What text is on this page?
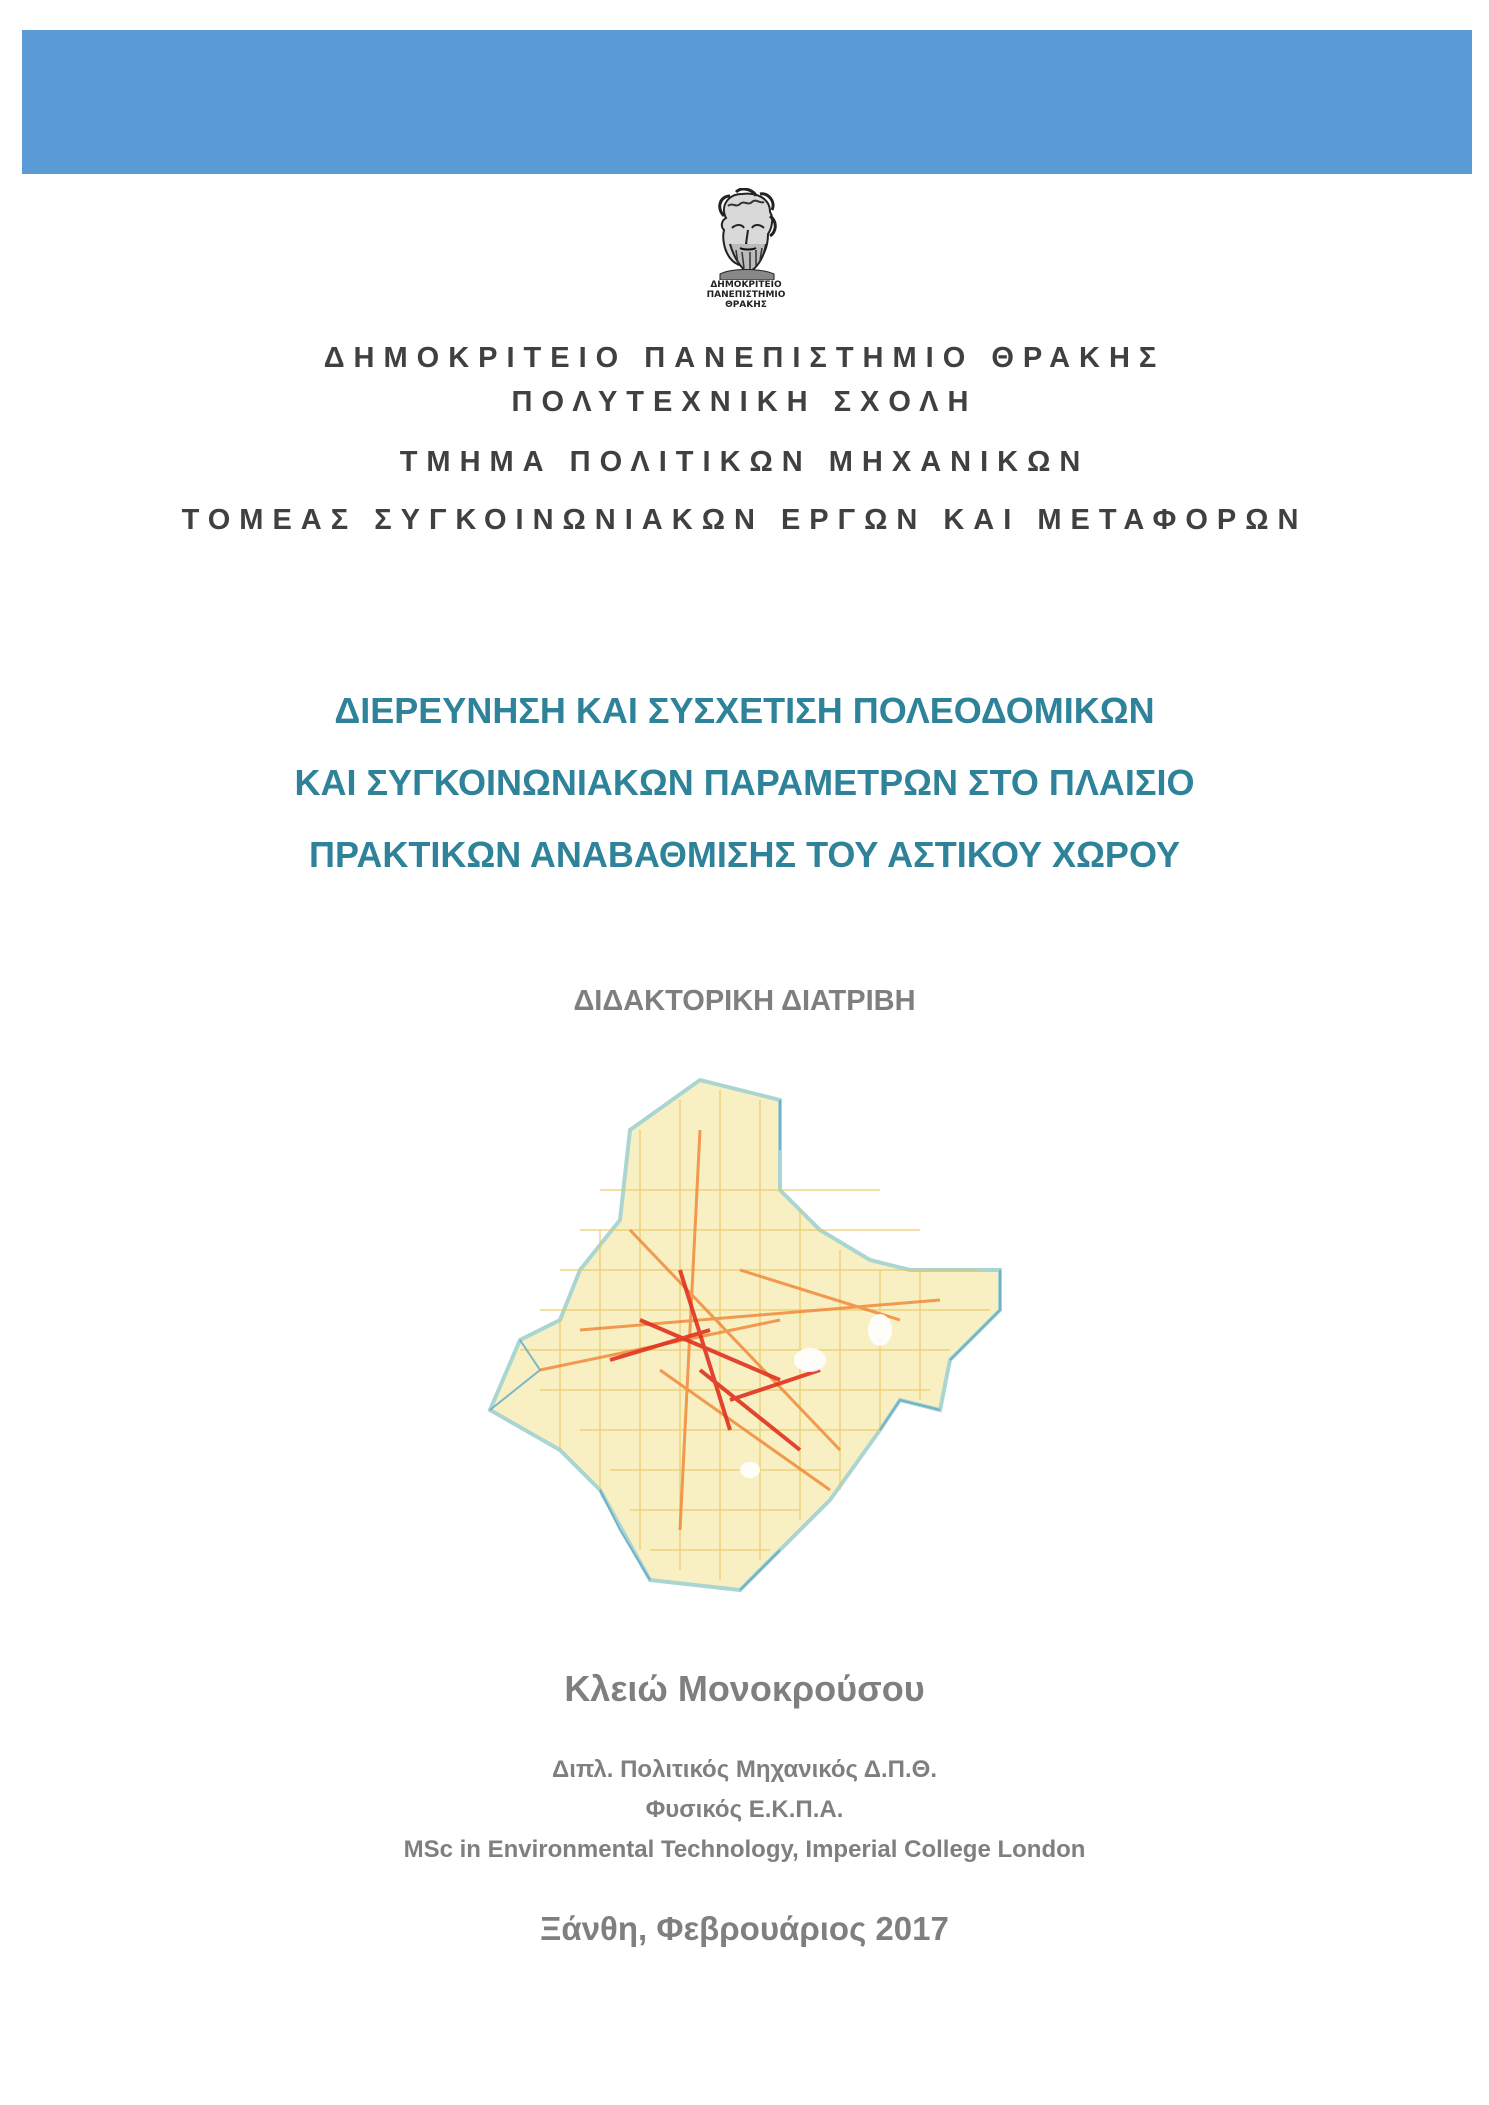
ΔΗΜΟΚΡΙΤΕΙΟ
ΠΑΝΕΠΙΣΤΗΜΙΟ
ΘΡΑΚΗΣ
ΔΗΜΟΚΡΙΤΕΙΟ ΠΑΝΕΠΙΣΤΗΜΙΟ ΘΡΑΚΗΣ
ΠΟΛΥΤΕΧΝΙΚΗ ΣΧΟΛΗ
ΤΜΗΜΑ ΠΟΛΙΤΙΚΩΝ ΜΗΧΑΝΙΚΩΝ
ΤΟΜΕΑΣ ΣΥΓΚΟΙΝΩΝΙΑΚΩΝ ΕΡΓΩΝ ΚΑΙ ΜΕΤΑΦΟΡΩΝ
ΔΙΕΡΕΥΝΗΣΗ ΚΑΙ ΣΥΣΧΕΤΙΣΗ ΠΟΛΕΟΔΟΜΙΚΩΝ
ΚΑΙ ΣΥΓΚΟΙΝΩΝΙΑΚΩΝ ΠΑΡΑΜΕΤΡΩΝ ΣΤΟ ΠΛΑΙΣΙΟ
ΠΡΑΚΤΙΚΩΝ ΑΝΑΒΑΘΜΙΣΗΣ ΤΟΥ ΑΣΤΙΚΟΥ ΧΩΡΟΥ
ΔΙΔΑΚΤΟΡΙΚΗ ΔΙΑΤΡΙΒΗ
Κλειώ Μονοκρούσου
Διπλ. Πολιτικός Μηχανικός Δ.Π.Θ.
Φυσικός Ε.Κ.Π.Α.
MSc in Environmental Technology, Imperial College London
Ξάνθη, Φεβρουάριος 2017
